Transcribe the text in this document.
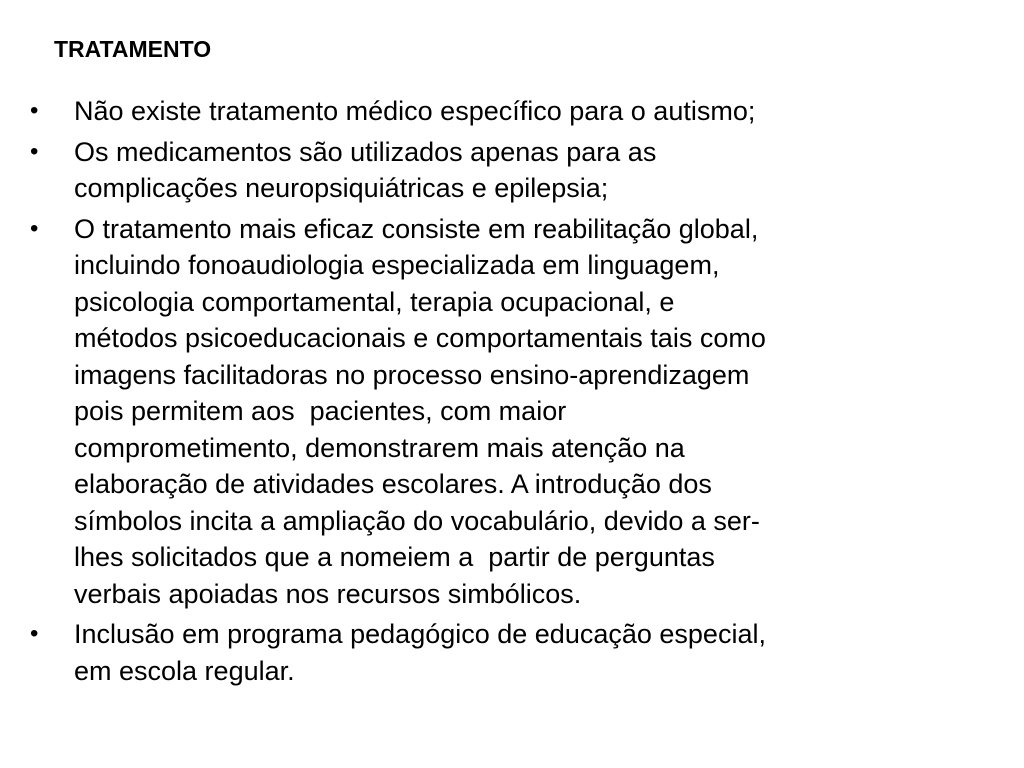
TRATAMENTO
•	Não existe tratamento médico específico para o autismo;
•	Os medicamentos são utilizados apenas para as
complicações neuropsiquiátricas e epilepsia;
•	O tratamento mais eficaz consiste em reabilitação global,
incluindo fonoaudiologia especializada em linguagem,
psicologia comportamental, terapia ocupacional, e
métodos psicoeducacionais e comportamentais tais como
imagens facilitadoras no processo ensino-aprendizagem
pois permitem aos  pacientes, com maior
comprometimento, demonstrarem mais atenção na
elaboração de atividades escolares. A introdução dos
símbolos incita a ampliação do vocabulário, devido a ser-
lhes solicitados que a nomeiem a  partir de perguntas
verbais apoiadas nos recursos simbólicos.
•	Inclusão em programa pedagógico de educação especial,
em escola regular.
